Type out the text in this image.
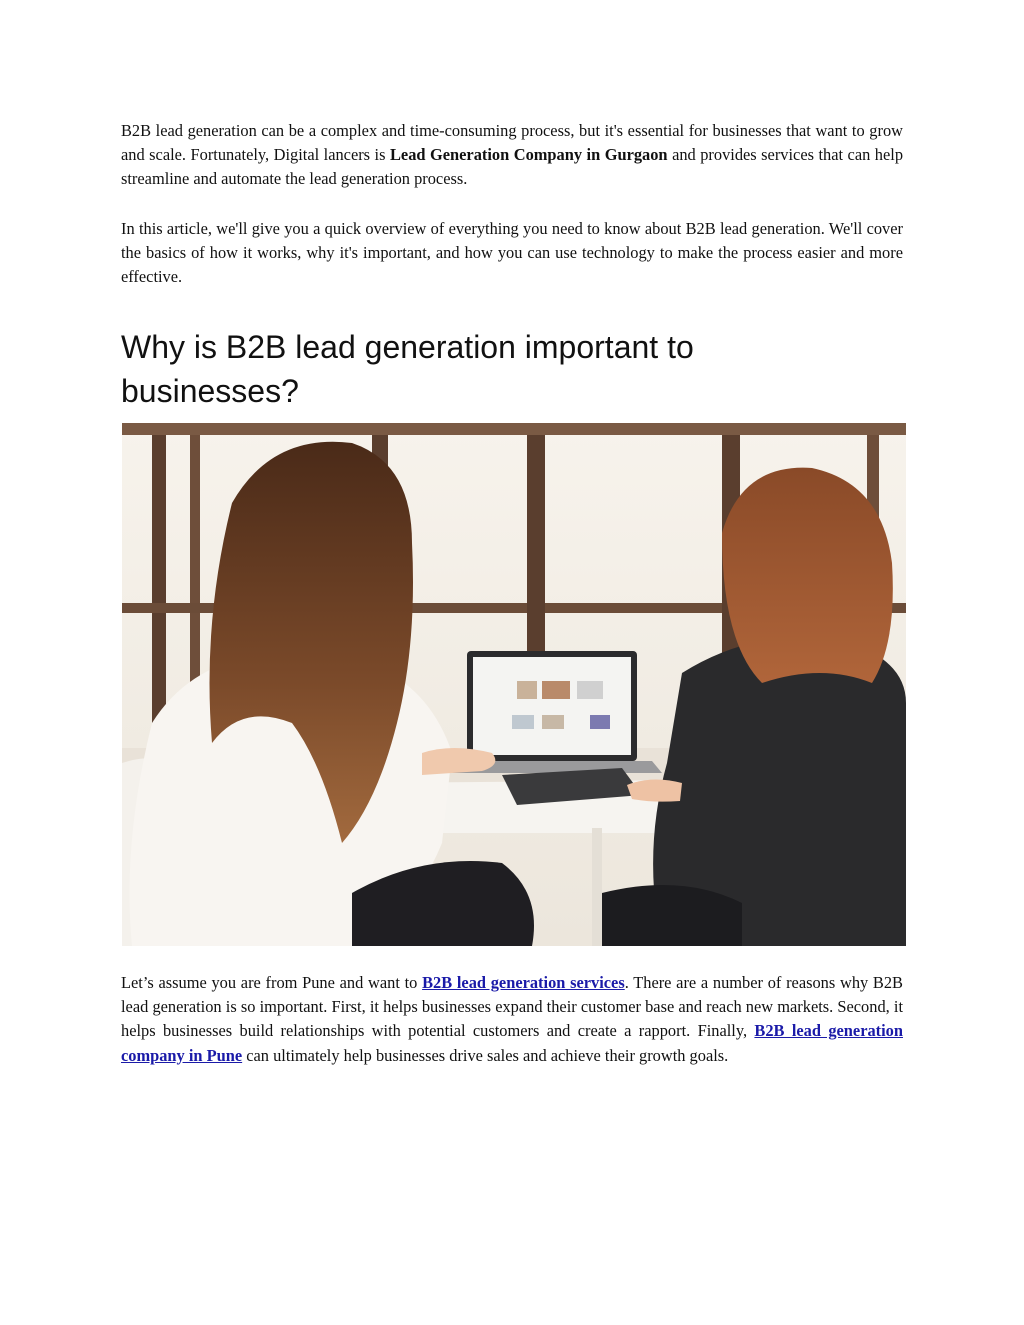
B2B lead generation can be a complex and time-consuming process, but it's essential for businesses that want to grow and scale. Fortunately, Digital lancers is Lead Generation Company in Gurgaon and provides services that can help streamline and automate the lead generation process.

In this article, we'll give you a quick overview of everything you need to know about B2B lead generation. We'll cover the basics of how it works, why it's important, and how you can use technology to make the process easier and more effective.

Why is B2B lead generation important to businesses?

Let’s assume you are from Pune and want to B2B lead generation services. There are a number of reasons why B2B lead generation is so important. First, it helps businesses expand their customer base and reach new markets. Second, it helps businesses build relationships with potential customers and create a rapport. Finally, B2B lead generation company in Pune can ultimately help businesses drive sales and achieve their growth goals.
